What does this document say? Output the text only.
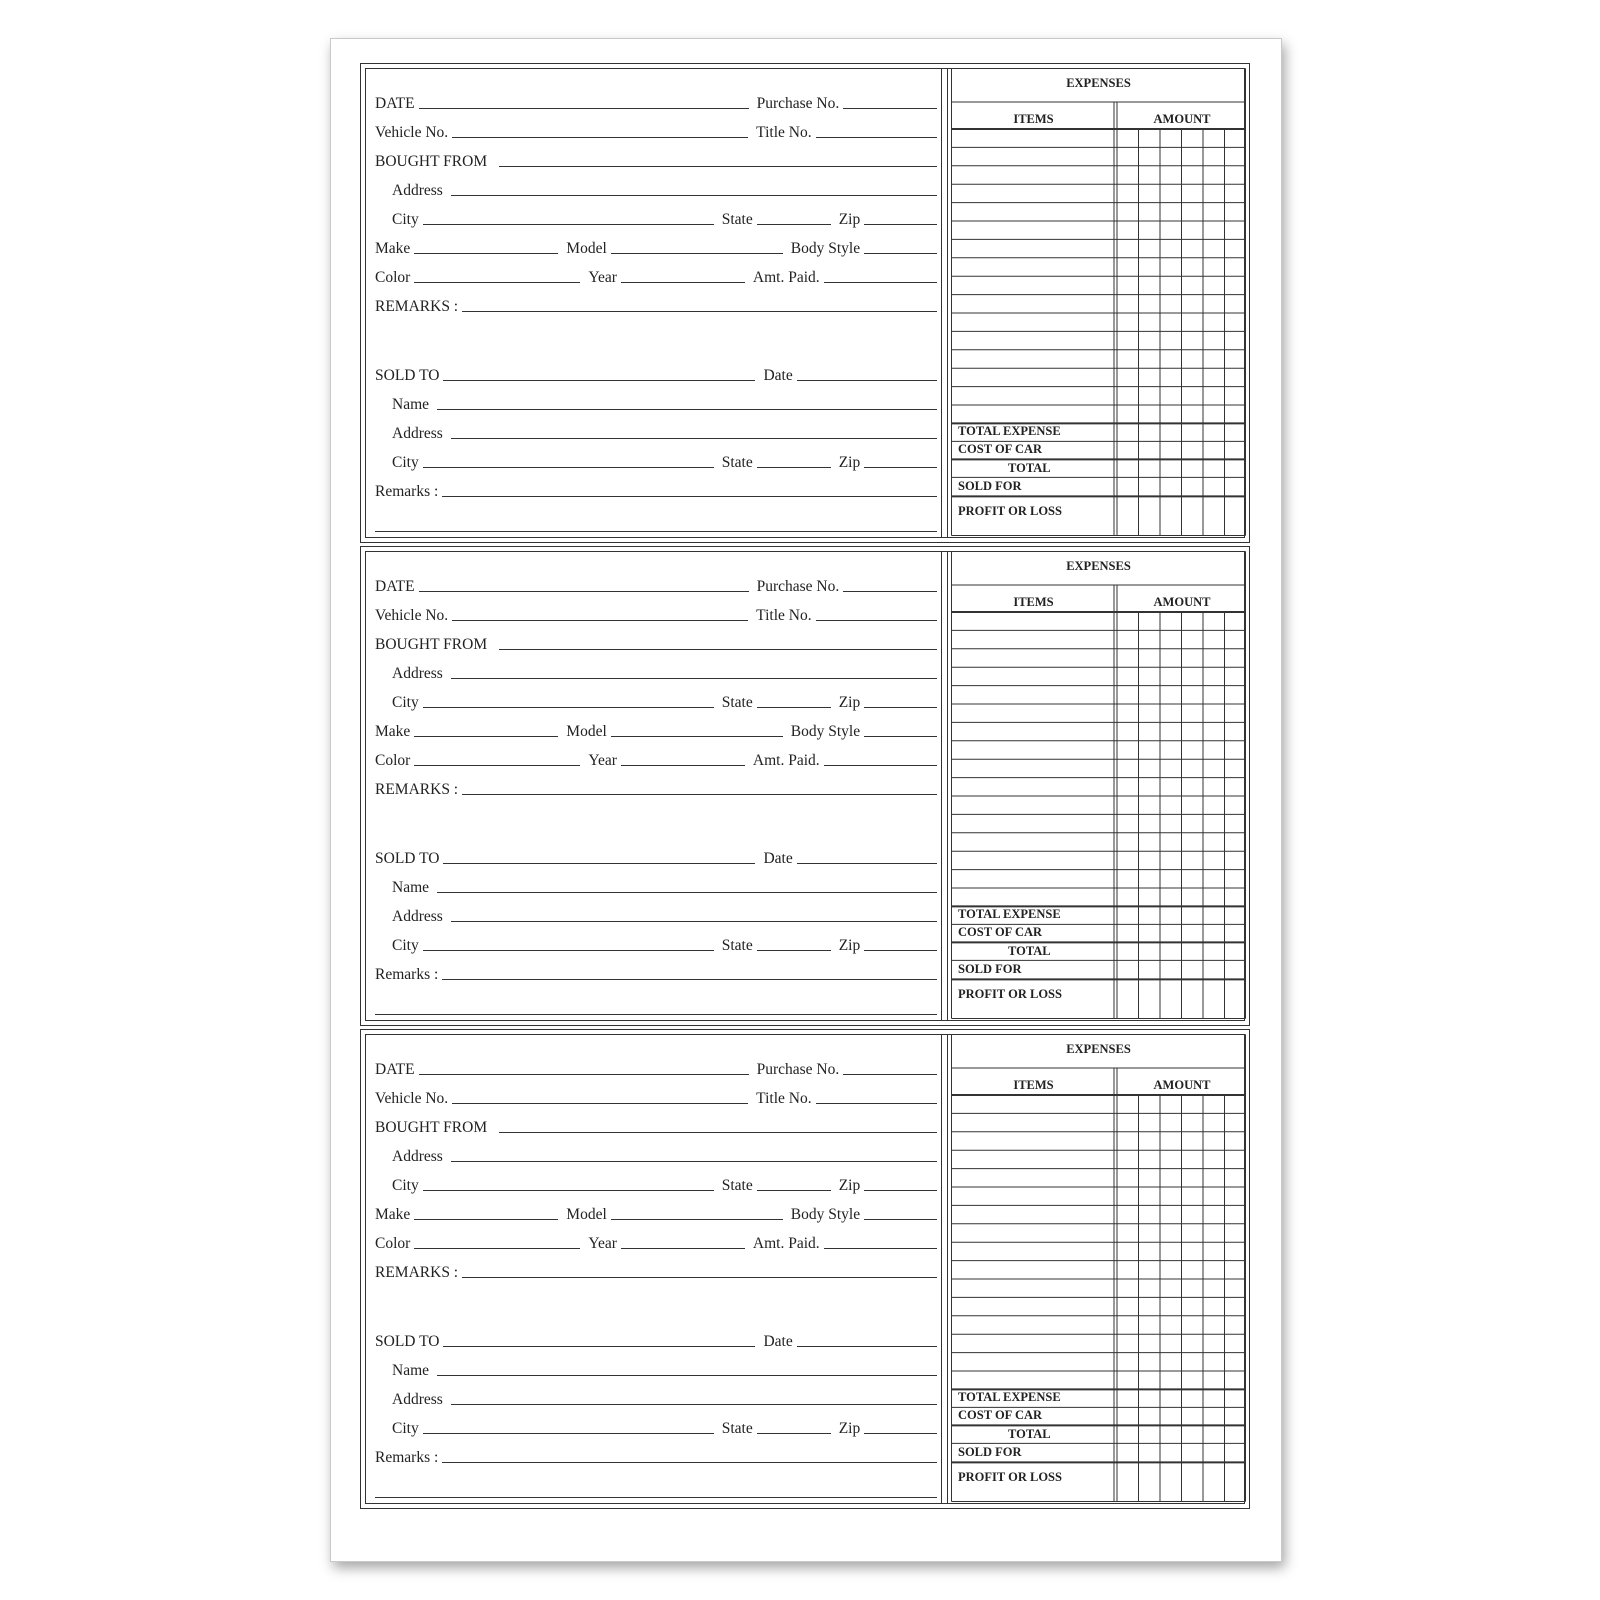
DATE	Purchase No.
Vehicle No.	Title No.
BOUGHT FROM
Address
City	State	Zip
Make	Model	Body Style
Color	Year	Amt. Paid.
REMARKS :
SOLD TO	Date
Name
Address
City	State	Zip
Remarks :
EXPENSES
ITEMS	AMOUNT
TOTAL EXPENSE
COST OF CAR
TOTAL
SOLD FOR
PROFIT OR LOSS
DATE	Purchase No.
Vehicle No.	Title No.
BOUGHT FROM
Address
City	State	Zip
Make	Model	Body Style
Color	Year	Amt. Paid.
REMARKS :
SOLD TO	Date
Name
Address
City	State	Zip
Remarks :
EXPENSES
ITEMS	AMOUNT
TOTAL EXPENSE
COST OF CAR
TOTAL
SOLD FOR
PROFIT OR LOSS
DATE	Purchase No.
Vehicle No.	Title No.
BOUGHT FROM
Address
City	State	Zip
Make	Model	Body Style
Color	Year	Amt. Paid.
REMARKS :
SOLD TO	Date
Name
Address
City	State	Zip
Remarks :
EXPENSES
ITEMS	AMOUNT
TOTAL EXPENSE
COST OF CAR
TOTAL
SOLD FOR
PROFIT OR LOSS
